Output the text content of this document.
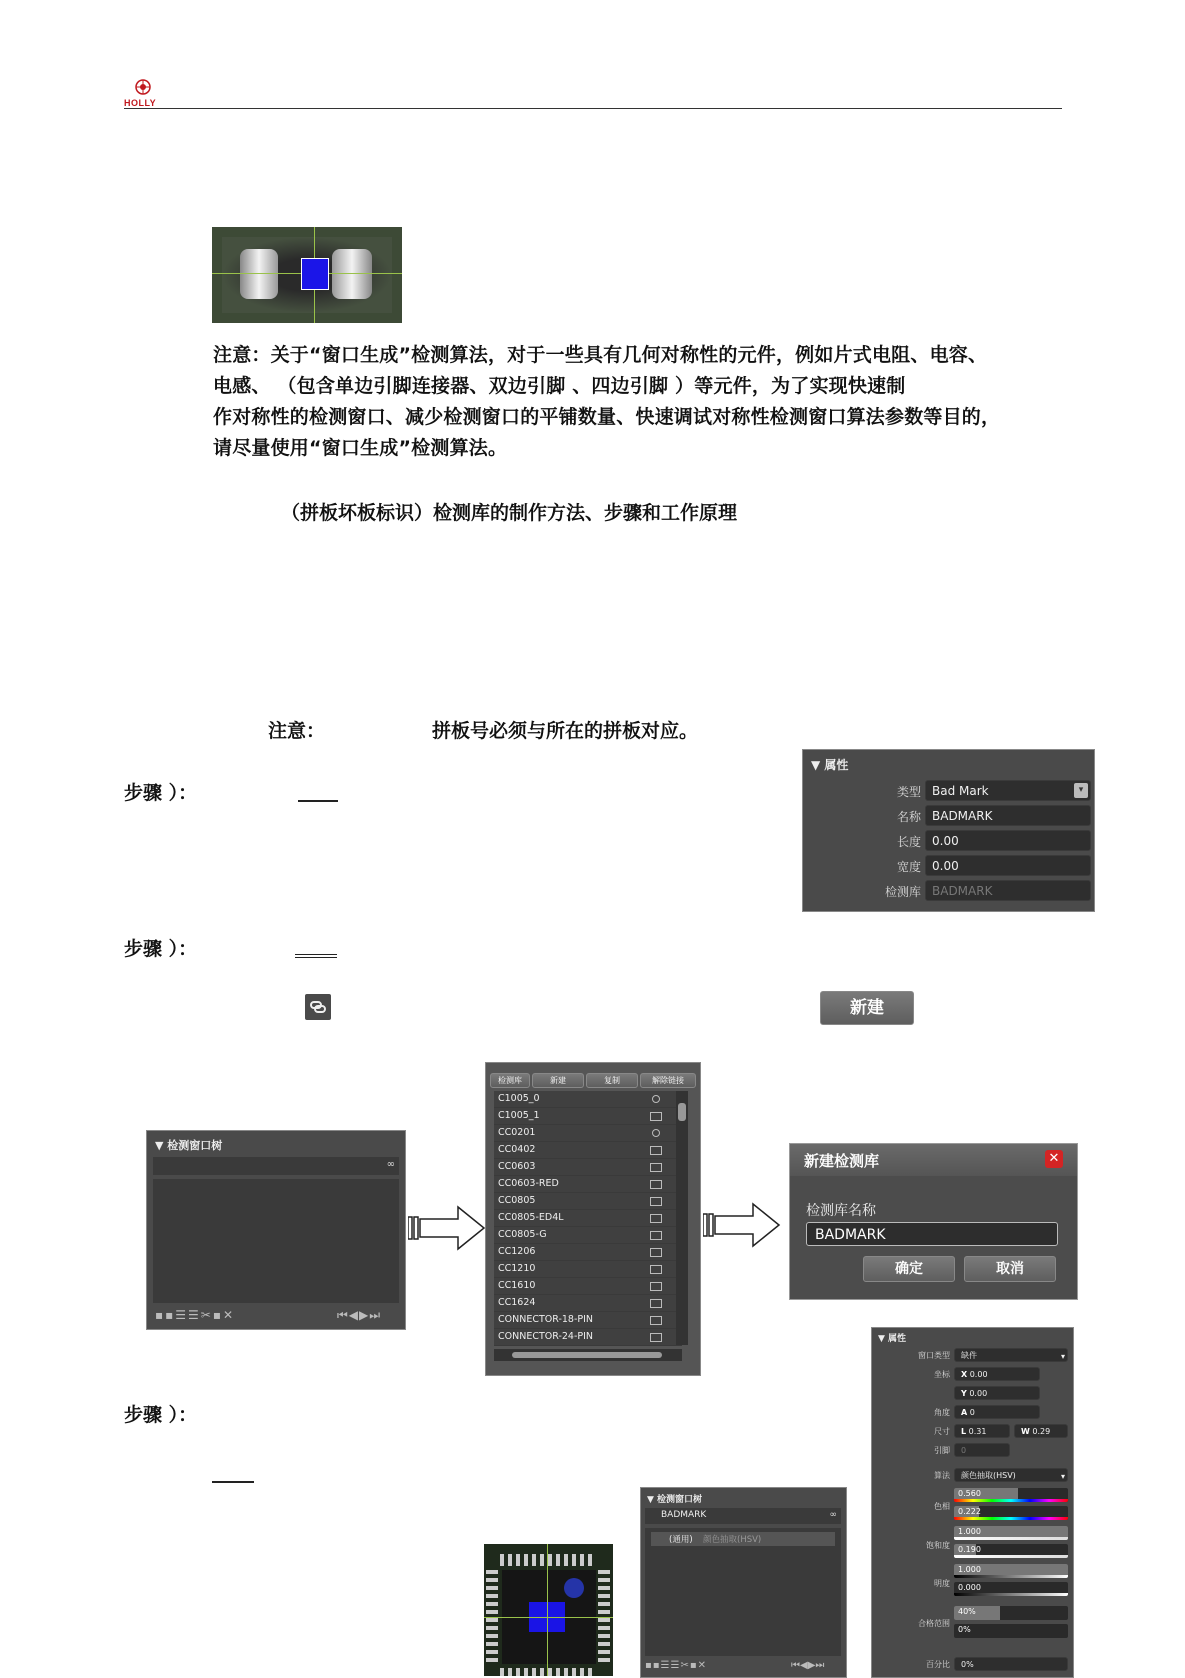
HOLLY
注意：关于“窗口生成”检测算法，对于一些具有几何对称性的元件，例如片式电阻、电容、
电感、 （包含单边引脚连接器、双边引脚 、四边引脚 ）等元件，为了实现快速制
作对称性的检测窗口、减少检测窗口的平铺数量、快速调试对称性检测窗口算法参数等目的，
请尽量使用“窗口生成”检测算法。
（拼板坏板标识）检测库的制作方法、步骤和工作原理
注意：	拼板号必须与所在的拼板对应。
步骤 ）：
▼ 属性
类型 Bad Mark	▾
名称 BADMARK
长度 0.00
宽度 0.00
检测库 BADMARK
步骤 ）：
新建
▼ 检测窗口树
∞
▪▪☰☰✂▪✕	⏮◀▶⏭
检测库	新建	复制	解除链接
C1005_0
C1005_1
CC0201
CC0402
CC0603
CC0603-RED
CC0805
CC0805-ED4L
CC0805-G
CC1206
CC1210
CC1610
CC1624
CONNECTOR-18-PIN
CONNECTOR-24-PIN
新建检测库	✕
检测库名称
BADMARK
确定	取消
步骤 ）：
▼ 检测窗口树
BADMARK	∞
(通用) 颜色抽取(HSV)
▪▪☰☰✂▪✕	⏮◀▶⏭
▼ 属性
窗口类型	缺件	▾
坐标	X 0.00
Y 0.00
角度	A 0
尺寸	L 0.31	W 0.29
引脚	0
算法	颜色抽取(HSV)	▾
色相
0.560
0.222
饱和度
1.000
0.190
明度
1.000
0.000
合格范围
40%
0%
百分比	0%
